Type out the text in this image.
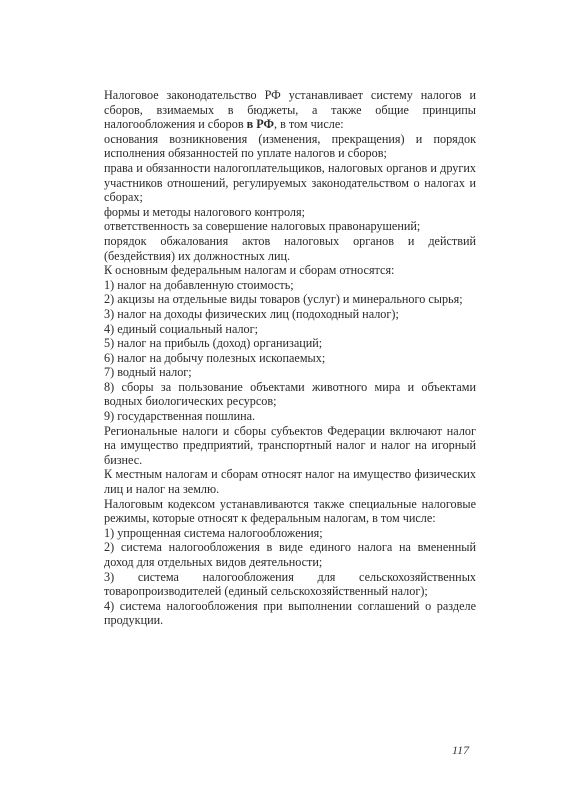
Налоговое законодательство РФ устанавливает систему налогов и сборов, взимаемых в бюджеты, а также общие принципы налогообложения и сборов в РФ, в том числе:

основания возникновения (изменения, прекращения) и порядок исполнения обязанностей по уплате налогов и сборов;

права и обязанности налогоплательщиков, налоговых органов и других участников отношений, регулируемых законодательством о налогах и сборах;

формы и методы налогового контроля;

ответственность за совершение налоговых правонарушений;

порядок обжалования актов налоговых органов и действий (бездействия) их должностных лиц.

К основным федеральным налогам и сборам относятся:

1) налог на добавленную стоимость;

2) акцизы на отдельные виды товаров (услуг) и минерального сырья;

3) налог на доходы физических лиц (подоходный налог);

4) единый социальный налог;

5) налог на прибыль (доход) организаций;

6) налог на добычу полезных ископаемых;

7) водный налог;

8) сборы за пользование объектами животного мира и объектами водных биологических ресурсов;

9) государственная пошлина.

Региональные налоги и сборы субъектов Федерации включают налог на имущество предприятий, транспортный налог и налог на игорный бизнес.

К местным налогам и сборам относят налог на имущество физических лиц и налог на землю.

Налоговым кодексом устанавливаются также специальные налоговые режимы, которые относят к федеральным налогам, в том числе:

1) упрощенная система налогообложения;

2) система налогообложения в виде единого налога на вмененный доход для отдельных видов деятельности;

3) система налогообложения для сельскохозяйственных товаропроизводителей (единый сельскохозяйственный налог);

4) система налогообложения при выполнении соглашений о разделе продукции.

117
